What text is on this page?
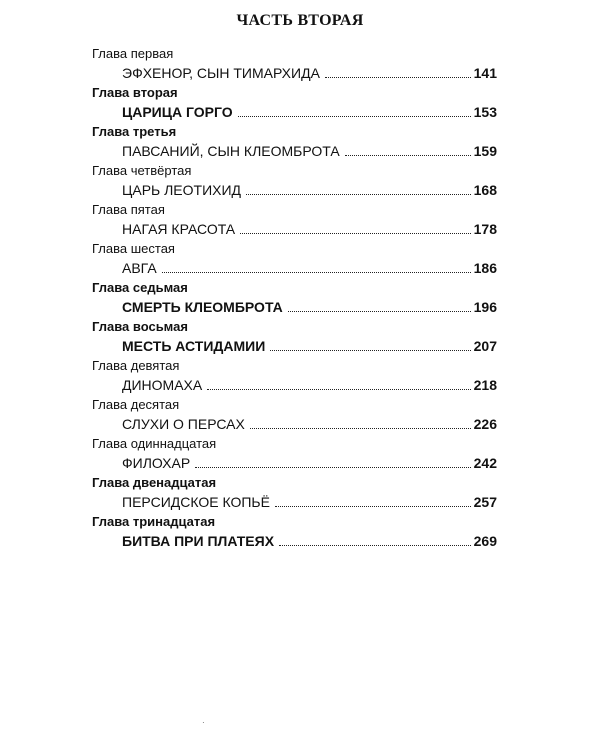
ЧАСТЬ ВТОРАЯ
Глава первая
ЭФХЕНОР, СЫН ТИМАРХИДА	141
Глава вторая
ЦАРИЦА ГОРГО	153
Глава третья
ПАВСАНИЙ, СЫН КЛЕОМБРОТА	159
Глава четвёртая
ЦАРЬ ЛЕОТИХИД	168
Глава пятая
НАГАЯ КРАСОТА	178
Глава шестая
АВГА	186
Глава седьмая
СМЕРТЬ КЛЕОМБРОТА	196
Глава восьмая
МЕСТЬ АСТИДАМИИ	207
Глава девятая
ДИНОМАХА	218
Глава десятая
СЛУХИ О ПЕРСАХ	226
Глава одиннадцатая
ФИЛОХАР	242
Глава двенадцатая
ПЕРСИДСКОЕ КОПЬЁ	257
Глава тринадцатая
БИТВА ПРИ ПЛАТЕЯХ	269
·
